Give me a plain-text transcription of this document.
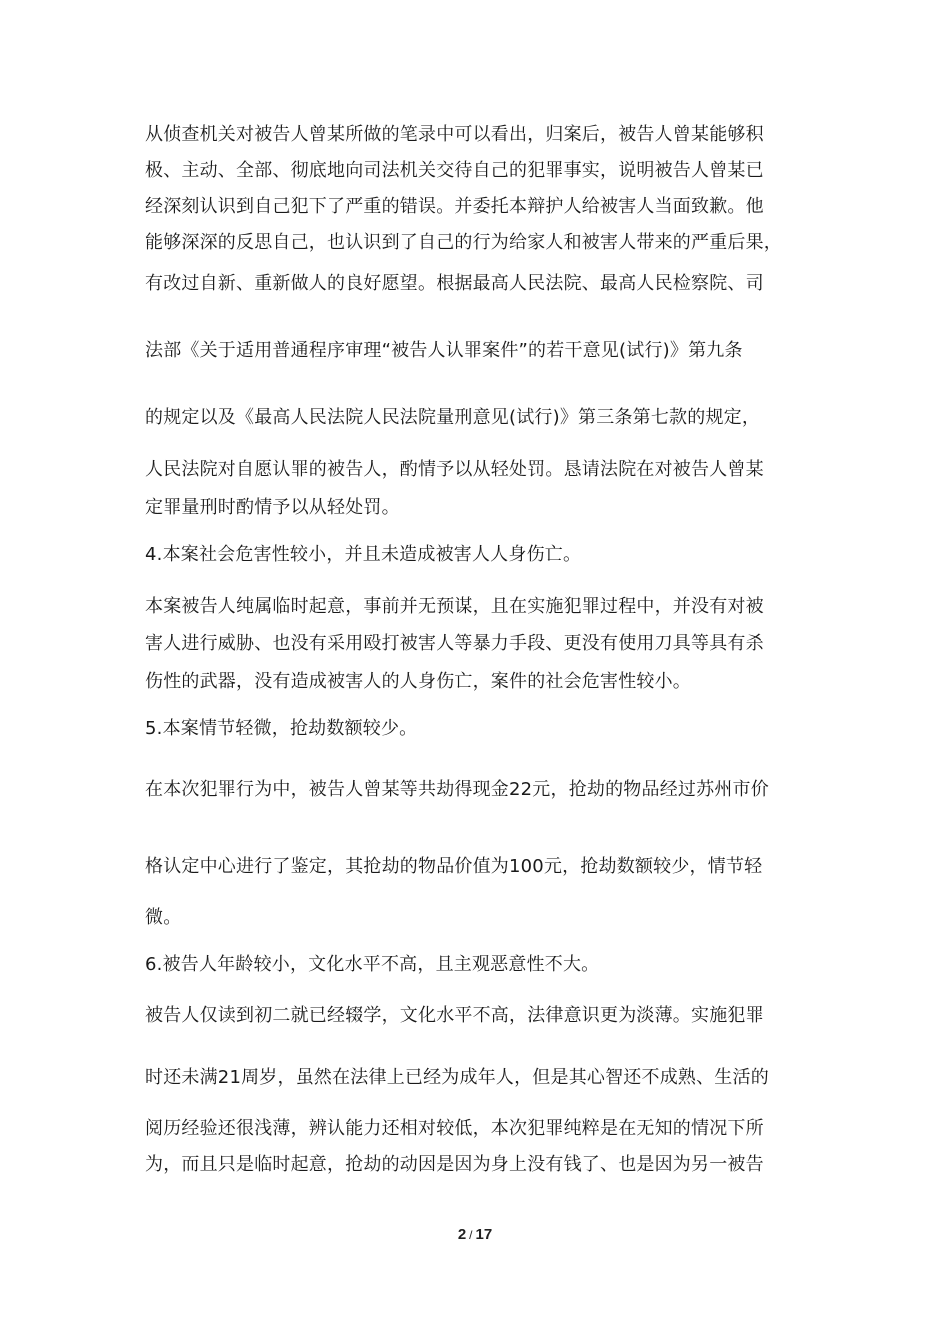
从侦查机关对被告人曾某所做的笔录中可以看出，归案后，被告人曾某能够积
极、主动、全部、彻底地向司法机关交待自己的犯罪事实，说明被告人曾某已
经深刻认识到自己犯下了严重的错误。并委托本辩护人给被害人当面致歉。他
能够深深的反思自己，也认识到了自己的行为给家人和被害人带来的严重后果，
有改过自新、重新做人的良好愿望。根据最高人民法院、最高人民检察院、司
法部《关于适用普通程序审理“被告人认罪案件”的若干意见(试行)》第九条
的规定以及《最高人民法院人民法院量刑意见(试行)》第三条第七款的规定，
人民法院对自愿认罪的被告人，酌情予以从轻处罚。恳请法院在对被告人曾某
定罪量刑时酌情予以从轻处罚。
4.本案社会危害性较小，并且未造成被害人人身伤亡。
本案被告人纯属临时起意，事前并无预谋，且在实施犯罪过程中，并没有对被
害人进行威胁、也没有采用殴打被害人等暴力手段、更没有使用刀具等具有杀
伤性的武器，没有造成被害人的人身伤亡，案件的社会危害性较小。
5.本案情节轻微，抢劫数额较少。
在本次犯罪行为中，被告人曾某等共劫得现金22元，抢劫的物品经过苏州市价
格认定中心进行了鉴定，其抢劫的物品价值为100元，抢劫数额较少，情节轻
微。
6.被告人年龄较小，文化水平不高，且主观恶意性不大。
被告人仅读到初二就已经辍学，文化水平不高，法律意识更为淡薄。实施犯罪
时还未满21周岁，虽然在法律上已经为成年人，但是其心智还不成熟、生活的
阅历经验还很浅薄，辨认能力还相对较低，本次犯罪纯粹是在无知的情况下所
为，而且只是临时起意，抢劫的动因是因为身上没有钱了、也是因为另一被告
2 / 17
